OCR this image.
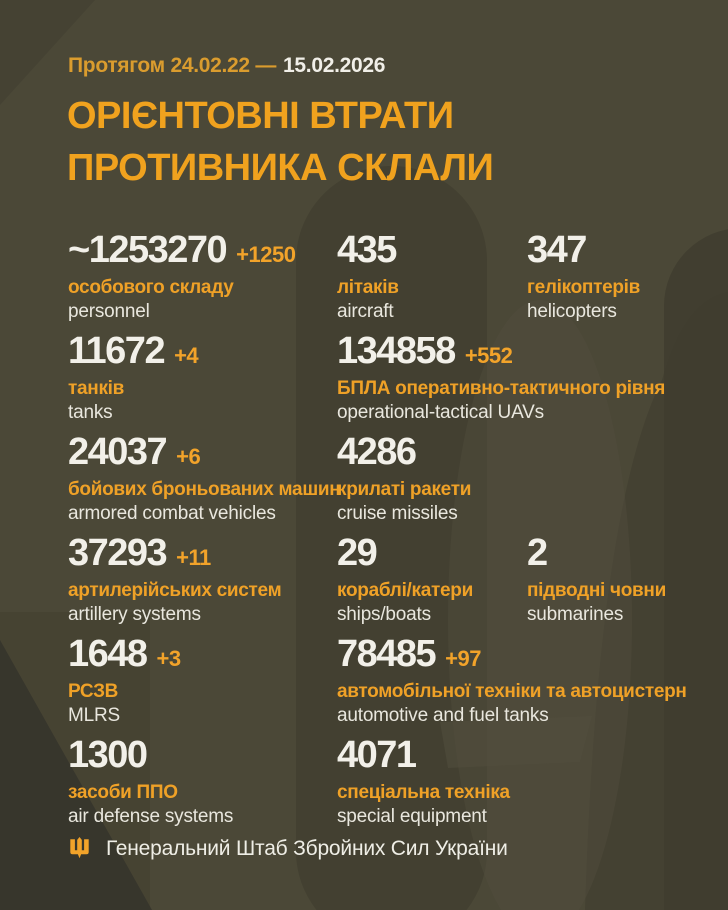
Протягом 24.02.22 — 15.02.2026
ОРІЄНТОВНІ ВТРАТИ
ПРОТИВНИКА СКЛАЛИ
~1253270 +1250
особового складу
personnel
435
літаків
aircraft
347
гелікоптерів
helicopters
11672 +4
танків
tanks
134858 +552
БПЛА оперативно-тактичного рівня
operational-tactical UAVs
24037 +6
бойових броньованих машин
armored combat vehicles
4286
крилаті ракети
cruise missiles
37293 +11
артилерійських систем
artillery systems
29
кораблі/катери
ships/boats
2
підводні човни
submarines
1648 +3
РСЗВ
MLRS
78485 +97
автомобільної техніки та автоцистерн
automotive and fuel tanks
1300
засоби ППО
air defense systems
4071
спеціальна техніка
special equipment
Генеральний Штаб Збройних Сил України
